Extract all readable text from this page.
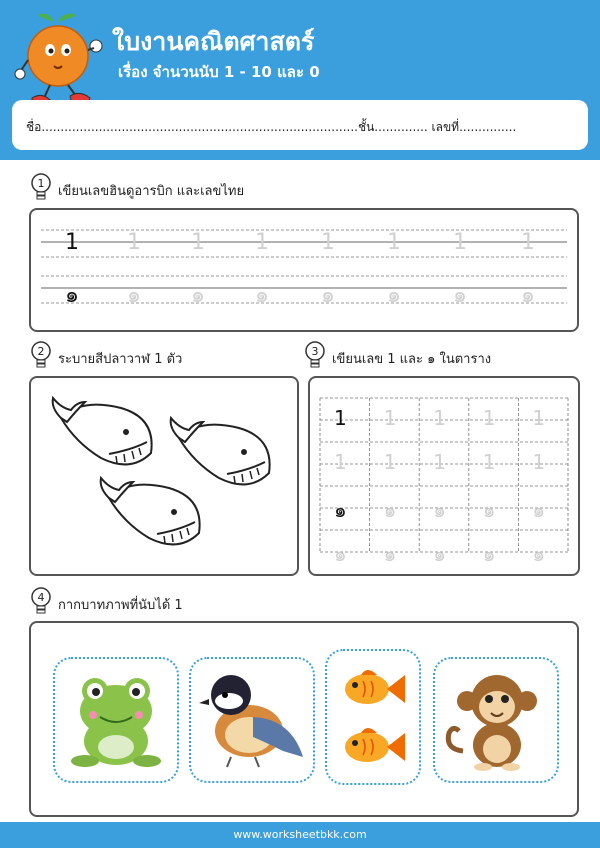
ใบงานคณิตศาสตร์
เรื่อง จำนวนนับ 1 - 10 และ 0
ชื่อ...................................................................................ชั้น.............. เลขที่...............
1
เขียนเลขฮินดูอารบิก และเลขไทย
1 1 1 1 1 1 1 1
๑ ๑ ๑ ๑ ๑ ๑ ๑ ๑
2
ระบายสีปลาวาฬ 1 ตัว
3
เขียนเลข 1 และ ๑ ในตาราง
1 1 1 1 1
1 1 1 1 1
๑ ๑ ๑ ๑ ๑
๑ ๑ ๑ ๑ ๑
4
กากบาทภาพที่นับได้ 1
www.worksheetbkk.com
